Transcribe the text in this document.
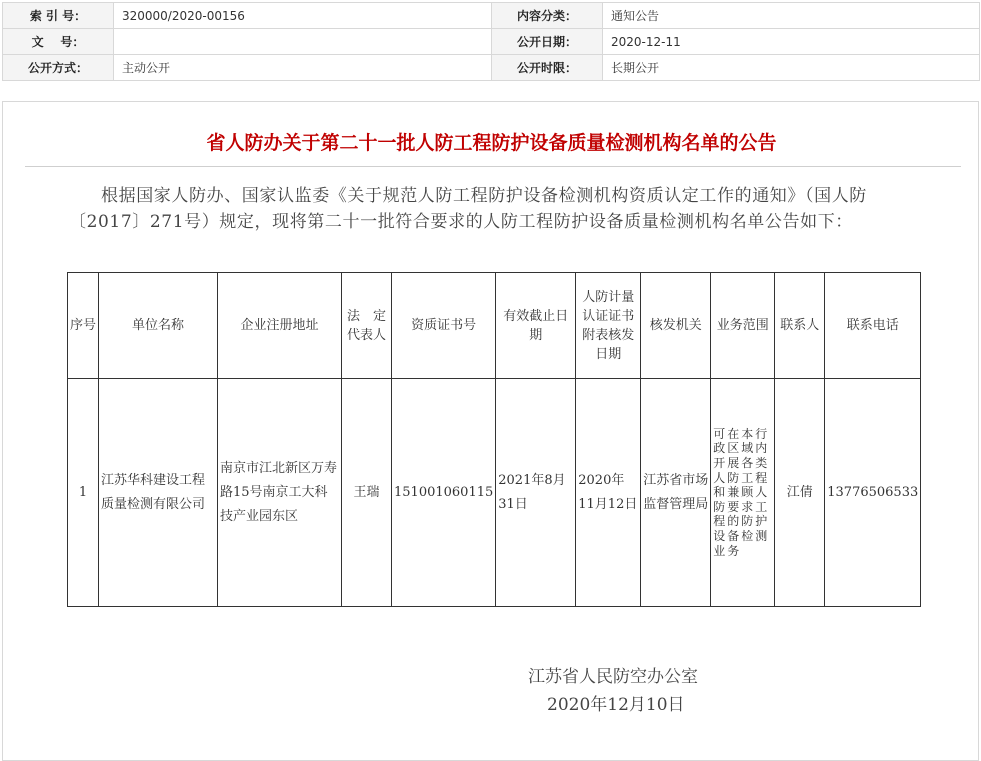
索 引 号：	320000/2020-00156	内容分类：	通知公告
文    号：		公开日期：	2020-12-11
公开方式：	主动公开	公开时限：	长期公开
省人防办关于第二十一批人防工程防护设备质量检测机构名单的公告

根据国家人防办、国家认监委《关于规范人防工程防护设备检测机构资质认定工作的通知》（国人防〔2017〕271号）规定，现将第二十一批符合要求的人防工程防护设备质量检测机构名单公告如下：

序号	单位名称	企业注册地址	法　定代表人	资质证书号	有效截止日期	人防计量认证证书附表核发日期	核发机关	业务范围	联系人	联系电话
1	江苏华科建设工程质量检测有限公司	南京市江北新区万寿路15号南京工大科技产业园东区	王瑞	151001060115	2021年8月31日	2020年11月12日	江苏省市场监督管理局	可在本行政区域内开展各类人防工程和兼顾人防要求工程的防护设备检测业务	江倩	13776506533
江苏省人民防空办公室
2020年12月10日
